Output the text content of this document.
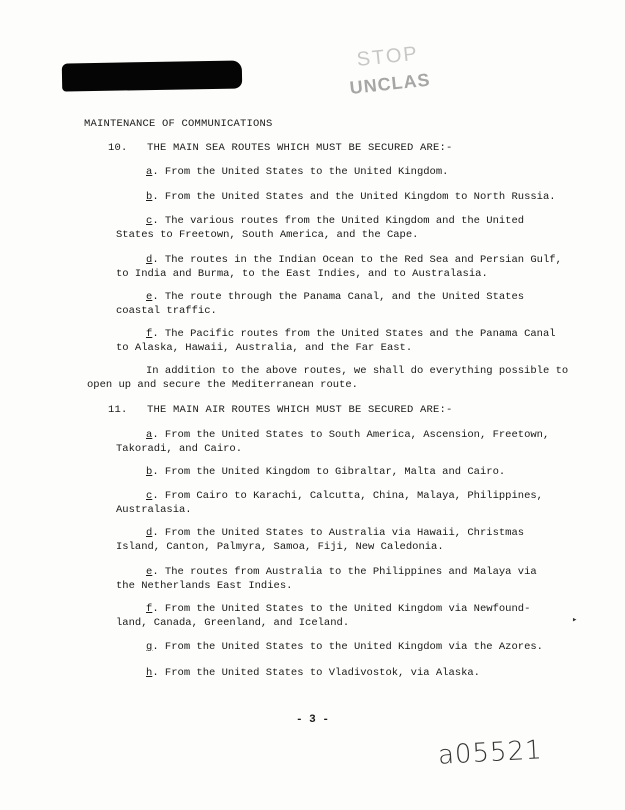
STOP
UNCLAS
MAINTENANCE OF COMMUNICATIONS
10.   THE MAIN SEA ROUTES WHICH MUST BE SECURED ARE:-
a. From the United States to the United Kingdom.
b. From the United States and the United Kingdom to North Russia.
c. The various routes from the United Kingdom and the United
States to Freetown, South America, and the Cape.
d. The routes in the Indian Ocean to the Red Sea and Persian Gulf,
to India and Burma, to the East Indies, and to Australasia.
e. The route through the Panama Canal, and the United States
coastal traffic.
f. The Pacific routes from the United States and the Panama Canal
to Alaska, Hawaii, Australia, and the Far East.
In addition to the above routes, we shall do everything possible to
open up and secure the Mediterranean route.
11.   THE MAIN AIR ROUTES WHICH MUST BE SECURED ARE:-
a. From the United States to South America, Ascension, Freetown,
Takoradi, and Cairo.
b. From the United Kingdom to Gibraltar, Malta and Cairo.
c. From Cairo to Karachi, Calcutta, China, Malaya, Philippines,
Australasia.
d. From the United States to Australia via Hawaii, Christmas
Island, Canton, Palmyra, Samoa, Fiji, New Caledonia.
e. The routes from Australia to the Philippines and Malaya via
the Netherlands East Indies.
f. From the United States to the United Kingdom via Newfound-
land, Canada, Greenland, and Iceland.
g. From the United States to the United Kingdom via the Azores.
h. From the United States to Vladivostok, via Alaska.
- 3 -
a05521
▸
